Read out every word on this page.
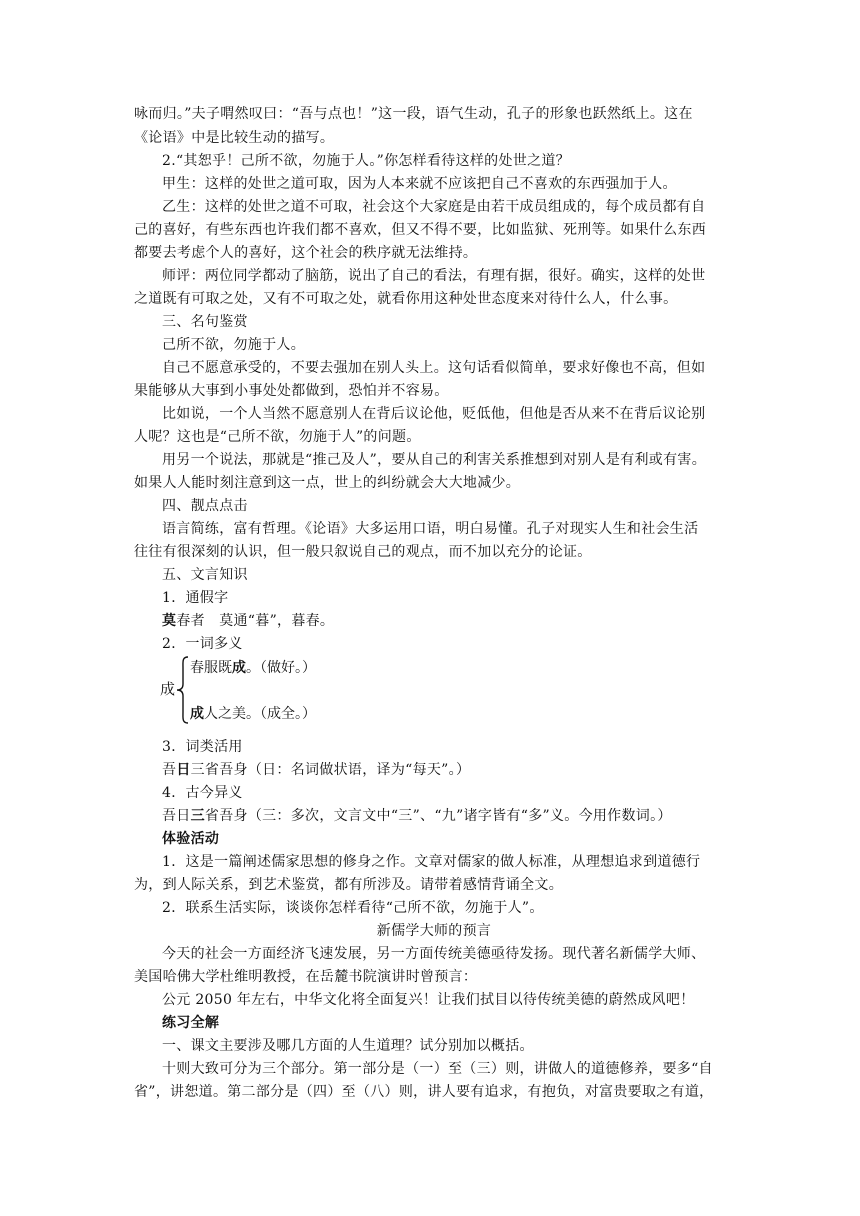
咏而归。”夫子喟然叹曰：“吾与点也！”这一段，语气生动，孔子的形象也跃然纸上。这在
《论语》中是比较生动的描写。
2.“其恕乎！己所不欲，勿施于人。”你怎样看待这样的处世之道？
甲生：这样的处世之道可取，因为人本来就不应该把自己不喜欢的东西强加于人。
乙生：这样的处世之道不可取，社会这个大家庭是由若干成员组成的，每个成员都有自
己的喜好，有些东西也许我们都不喜欢，但又不得不要，比如监狱、死刑等。如果什么东西
都要去考虑个人的喜好，这个社会的秩序就无法维持。
师评：两位同学都动了脑筋，说出了自己的看法，有理有据，很好。确实，这样的处世
之道既有可取之处，又有不可取之处，就看你用这种处世态度来对待什么人，什么事。
三、名句鉴赏
己所不欲，勿施于人。
自己不愿意承受的，不要去强加在别人头上。这句话看似简单，要求好像也不高，但如
果能够从大事到小事处处都做到，恐怕并不容易。
比如说，一个人当然不愿意别人在背后议论他，贬低他，但他是否从来不在背后议论别
人呢？这也是“己所不欲，勿施于人”的问题。
用另一个说法，那就是“推己及人”，要从自己的利害关系推想到对别人是有利或有害。
如果人人能时刻注意到这一点，世上的纠纷就会大大地减少。
四、靓点点击
语言简练，富有哲理。《论语》大多运用口语，明白易懂。孔子对现实人生和社会生活
往往有很深刻的认识，但一般只叙说自己的观点，而不加以充分的论证。
五、文言知识
1．通假字
莫春者　莫通“暮”，暮春。
2．一词多义
成
春服既成。（做好。）
成人之美。（成全。）
3．词类活用
吾日三省吾身（日：名词做状语，译为“每天”。）
4．古今异义
吾日三省吾身（三：多次，文言文中“三”、“九”诸字皆有“多”义。今用作数词。）
体验活动
1．这是一篇阐述儒家思想的修身之作。文章对儒家的做人标准，从理想追求到道德行
为，到人际关系，到艺术鉴赏，都有所涉及。请带着感情背诵全文。
2．联系生活实际，谈谈你怎样看待“己所不欲，勿施于人”。
新儒学大师的预言
今天的社会一方面经济飞速发展，另一方面传统美德亟待发扬。现代著名新儒学大师、
美国哈佛大学杜维明教授，在岳麓书院演讲时曾预言：
公元 2050 年左右，中华文化将全面复兴！让我们拭目以待传统美德的蔚然成风吧！
练习全解
一、课文主要涉及哪几方面的人生道理？试分别加以概括。
十则大致可分为三个部分。第一部分是（一）至（三）则，讲做人的道德修养，要多“自
省”，讲恕道。第二部分是（四）至（八）则，讲人要有追求，有抱负，对富贵要取之有道，
